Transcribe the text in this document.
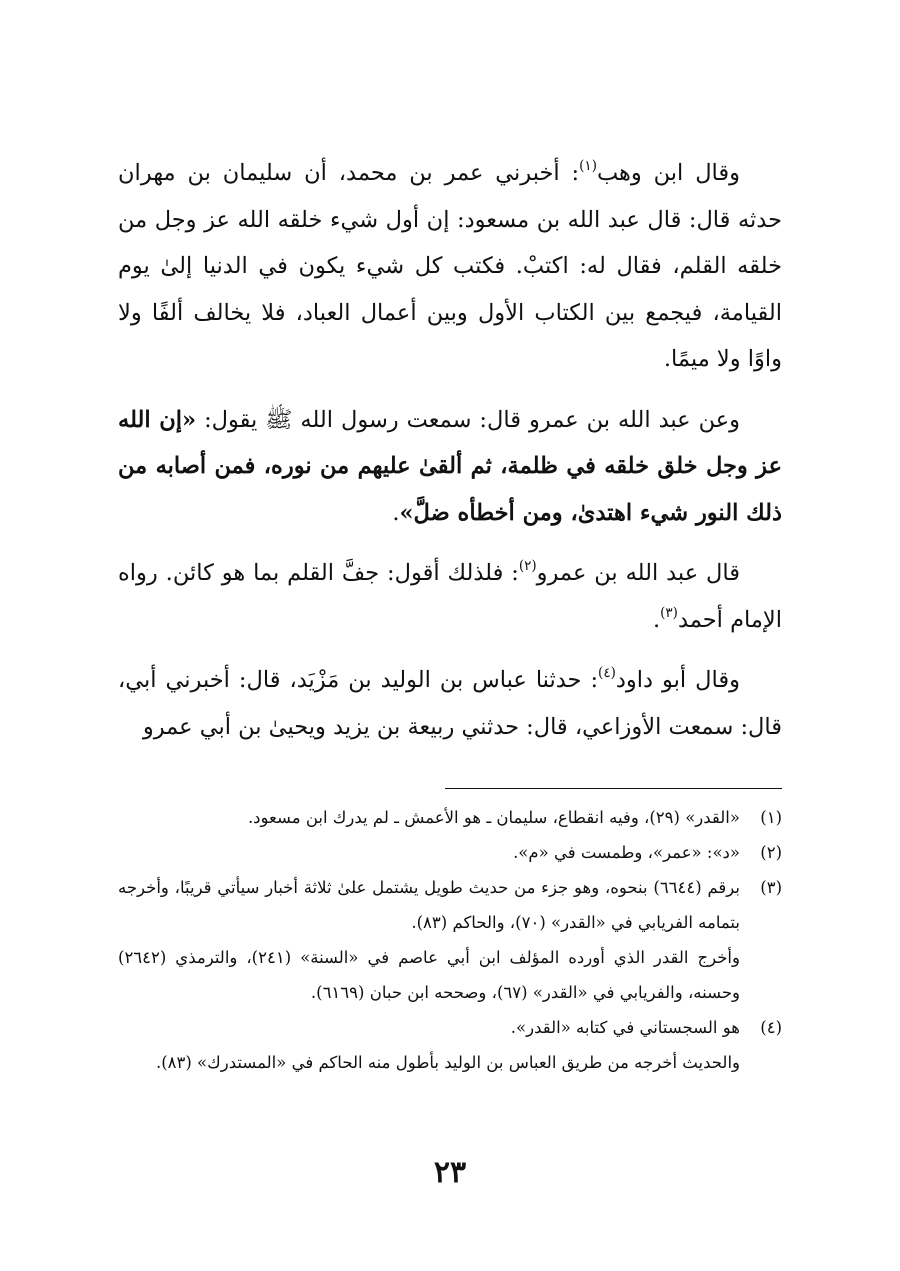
وقال ابن وهب$^{(١)}$: أخبرني عمر بن محمد، أن سليمان بن مهران حدثه قال: قال عبد الله بن مسعود: إن أول شيء خلقه الله عز وجل من خلقه القلم، فقال له: اكتبْ. فكتب كل شيء يكون في الدنيا إلىٰ يوم القيامة، فيجمع بين الكتاب الأول وبين أعمال العباد، فلا يخالف ألفًا ولا واوًا ولا ميمًا.

وعن عبد الله بن عمرو قال: سمعت رسول الله ﷺ يقول: «إن الله عز وجل خلق خلقه في ظلمة، ثم ألقىٰ عليهم من نوره، فمن أصابه من ذلك النور شيء اهتدىٰ، ومن أخطأه ضلَّ».

قال عبد الله بن عمرو$^{(٢)}$: فلذلك أقول: جفَّ القلم بما هو كائن. رواه الإمام أحمد$^{(٣)}$.

وقال أبو داود$^{(٤)}$: حدثنا عباس بن الوليد بن مَزْيَد، قال: أخبرني أبي، قال: سمعت الأوزاعي، قال: حدثني ربيعة بن يزيد ويحيىٰ بن أبي عمرو

(١)
«القدر» (٢٩)، وفيه انقطاع، سليمان ـ هو الأعمش ـ لم يدرك ابن مسعود.
(٢)
«د»: «عمر»، وطمست في «م».
(٣)
برقم (٦٦٤٤) بنحوه، وهو جزء من حديث طويل يشتمل علىٰ ثلاثة أخبار سيأتي قريبًا، وأخرجه بتمامه الفريابي في «القدر» (٧٠)، والحاكم (٨٣).
وأخرج القدر الذي أورده المؤلف ابن أبي عاصم في «السنة» (٢٤١)، والترمذي (٢٦٤٢) وحسنه، والفريابي في «القدر» (٦٧)، وصححه ابن حبان (٦١٦٩).
(٤)
هو السجستاني في كتابه «القدر».
والحديث أخرجه من طريق العباس بن الوليد بأطول منه الحاكم في «المستدرك» (٨٣).
٢٣
